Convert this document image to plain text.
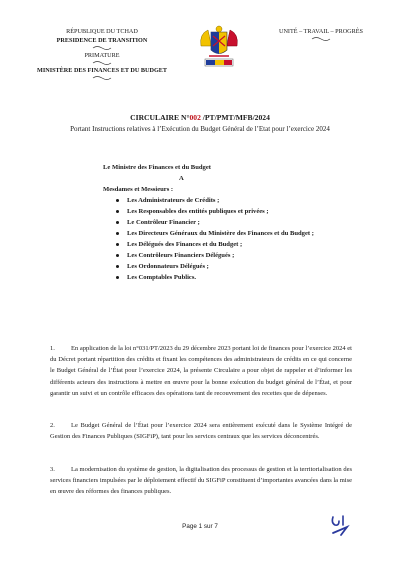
RÉPUBLIQUE DU TCHAD
PRESIDENCE DE TRANSITION
PRIMATURE
MINISTÈRE DES FINANCES ET DU BUDGET
UNITÉ – TRAVAIL – PROGRÈS
CIRCULAIRE N°002 /PT/PMT/MFB/2024
Portant Instructions relatives à l’Exécution du Budget Général de l’Etat pour l’exercice 2024
Le Ministre des Finances et du Budget
A
Mesdames et Messieurs :
Les Administrateurs de Crédits ;
Les Responsables des entités publiques et privées ;
Le Contrôleur Financier ;
Les Directeurs Généraux du Ministère des Finances et du Budget ;
Les Délégués des Finances et du Budget ;
Les Contrôleurs Financiers Délégués ;
Les Ordonnateurs Délégués ;
Les Comptables Publics.
1. En application de la loi n°031/PT/2023 du 29 décembre 2023 portant loi de finances pour l’exercice 2024 et du Décret portant répartition des crédits et fixant les compétences des administrateurs de crédits en ce qui concerne le Budget Général de l’État pour l’exercice 2024, la présente Circulaire a pour objet de rappeler et d’informer les différents acteurs des instructions à mettre en œuvre pour la bonne exécution du budget général de l’État, et pour garantir un suivi et un contrôle efficaces des opérations tant de recouvrement des recettes que de dépenses.
2. Le Budget Général de l’État pour l’exercice 2024 sera entièrement exécuté dans le Système Intégré de Gestion des Finances Publiques (SIGFiP), tant pour les services centraux que les services déconcentrés.
3. La modernisation du système de gestion, la digitalisation des processus de gestion et la territorialisation des services financiers impulsées par le déploiement effectif du SIGFiP constituent d’importantes avancées dans la mise en œuvre des réformes des finances publiques.
Page 1 sur 7
